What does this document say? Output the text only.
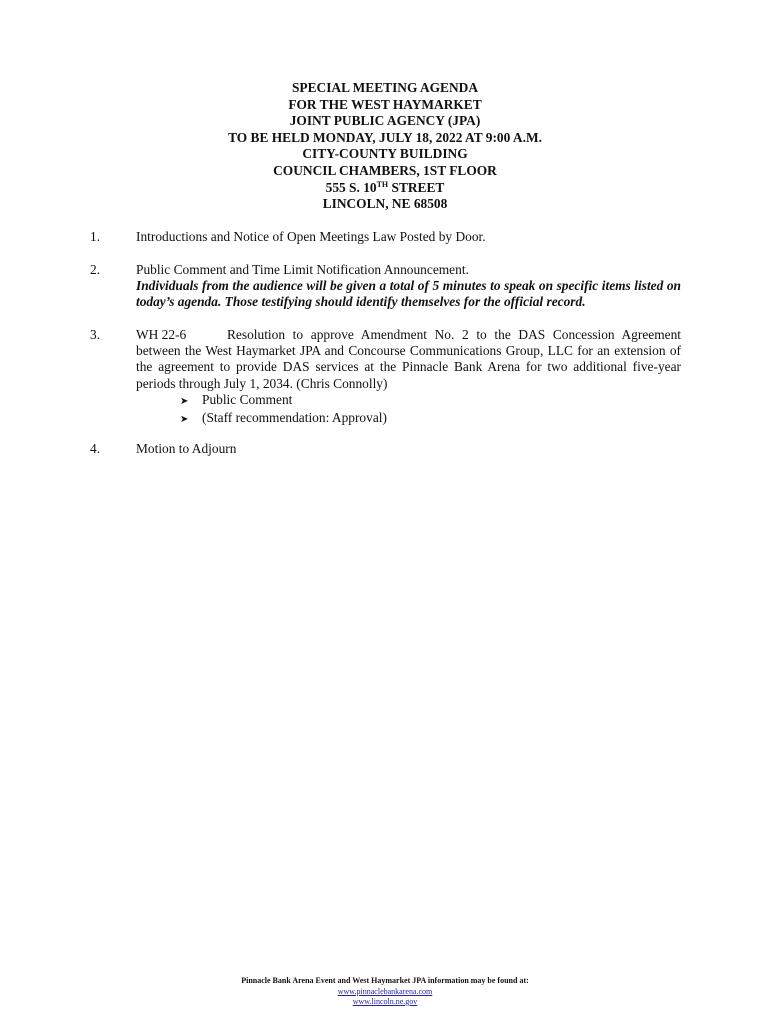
SPECIAL MEETING AGENDA
FOR THE WEST HAYMARKET
JOINT PUBLIC AGENCY (JPA)
TO BE HELD MONDAY, JULY 18, 2022 AT 9:00 A.M.
CITY-COUNTY BUILDING
COUNCIL CHAMBERS, 1ST FLOOR
555 S. 10TH STREET
LINCOLN, NE 68508
1.	Introductions and Notice of Open Meetings Law Posted by Door.
2.	Public Comment and Time Limit Notification Announcement.
Individuals from the audience will be given a total of 5 minutes to speak on specific items listed on today’s agenda. Those testifying should identify themselves for the official record.
3.	WH 22-6	Resolution to approve Amendment No. 2 to the DAS Concession Agreement
between the West Haymarket JPA and Concourse Communications Group, LLC for an extension of the agreement to provide DAS services at the Pinnacle Bank Arena for two additional five-year periods through July 1, 2034. (Chris Connolly)
➤	Public Comment
➤	(Staff recommendation: Approval)
4.	Motion to Adjourn
Pinnacle Bank Arena Event and West Haymarket JPA information may be found at:
www.pinnaclebankarena.com
www.lincoln.ne.gov
